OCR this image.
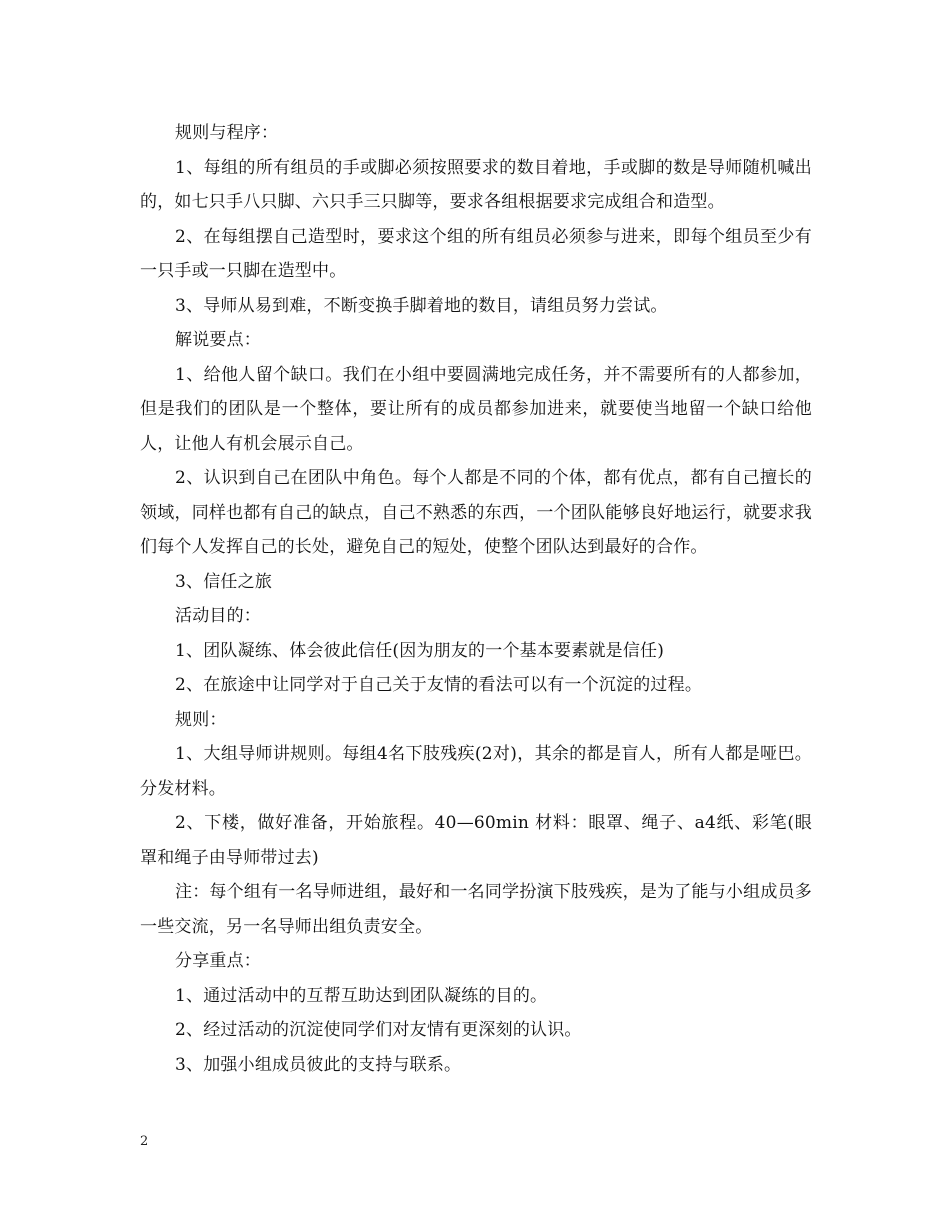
规则与程序：

1、每组的所有组员的手或脚必须按照要求的数目着地，手或脚的数是导师随机喊出的，如七只手八只脚、六只手三只脚等，要求各组根据要求完成组合和造型。

2、在每组摆自己造型时，要求这个组的所有组员必须参与进来，即每个组员至少有一只手或一只脚在造型中。

3、导师从易到难，不断变换手脚着地的数目，请组员努力尝试。

解说要点：

1、给他人留个缺口。我们在小组中要圆满地完成任务，并不需要所有的人都参加，但是我们的团队是一个整体，要让所有的成员都参加进来，就要使当地留一个缺口给他人，让他人有机会展示自己。

2、认识到自己在团队中角色。每个人都是不同的个体，都有优点，都有自己擅长的领域，同样也都有自己的缺点，自己不熟悉的东西，一个团队能够良好地运行，就要求我们每个人发挥自己的长处，避免自己的短处，使整个团队达到最好的合作。

3、信任之旅

活动目的：

1、团队凝练、体会彼此信任(因为朋友的一个基本要素就是信任)

2、在旅途中让同学对于自己关于友情的看法可以有一个沉淀的过程。

规则：

1、大组导师讲规则。每组4名下肢残疾(2对)，其余的都是盲人，所有人都是哑巴。分发材料。

2、下楼，做好准备，开始旅程。40—60min 材料：眼罩、绳子、a4纸、彩笔(眼罩和绳子由导师带过去)

注：每个组有一名导师进组，最好和一名同学扮演下肢残疾，是为了能与小组成员多一些交流，另一名导师出组负责安全。

分享重点：

1、通过活动中的互帮互助达到团队凝练的目的。

2、经过活动的沉淀使同学们对友情有更深刻的认识。

3、加强小组成员彼此的支持与联系。

2
